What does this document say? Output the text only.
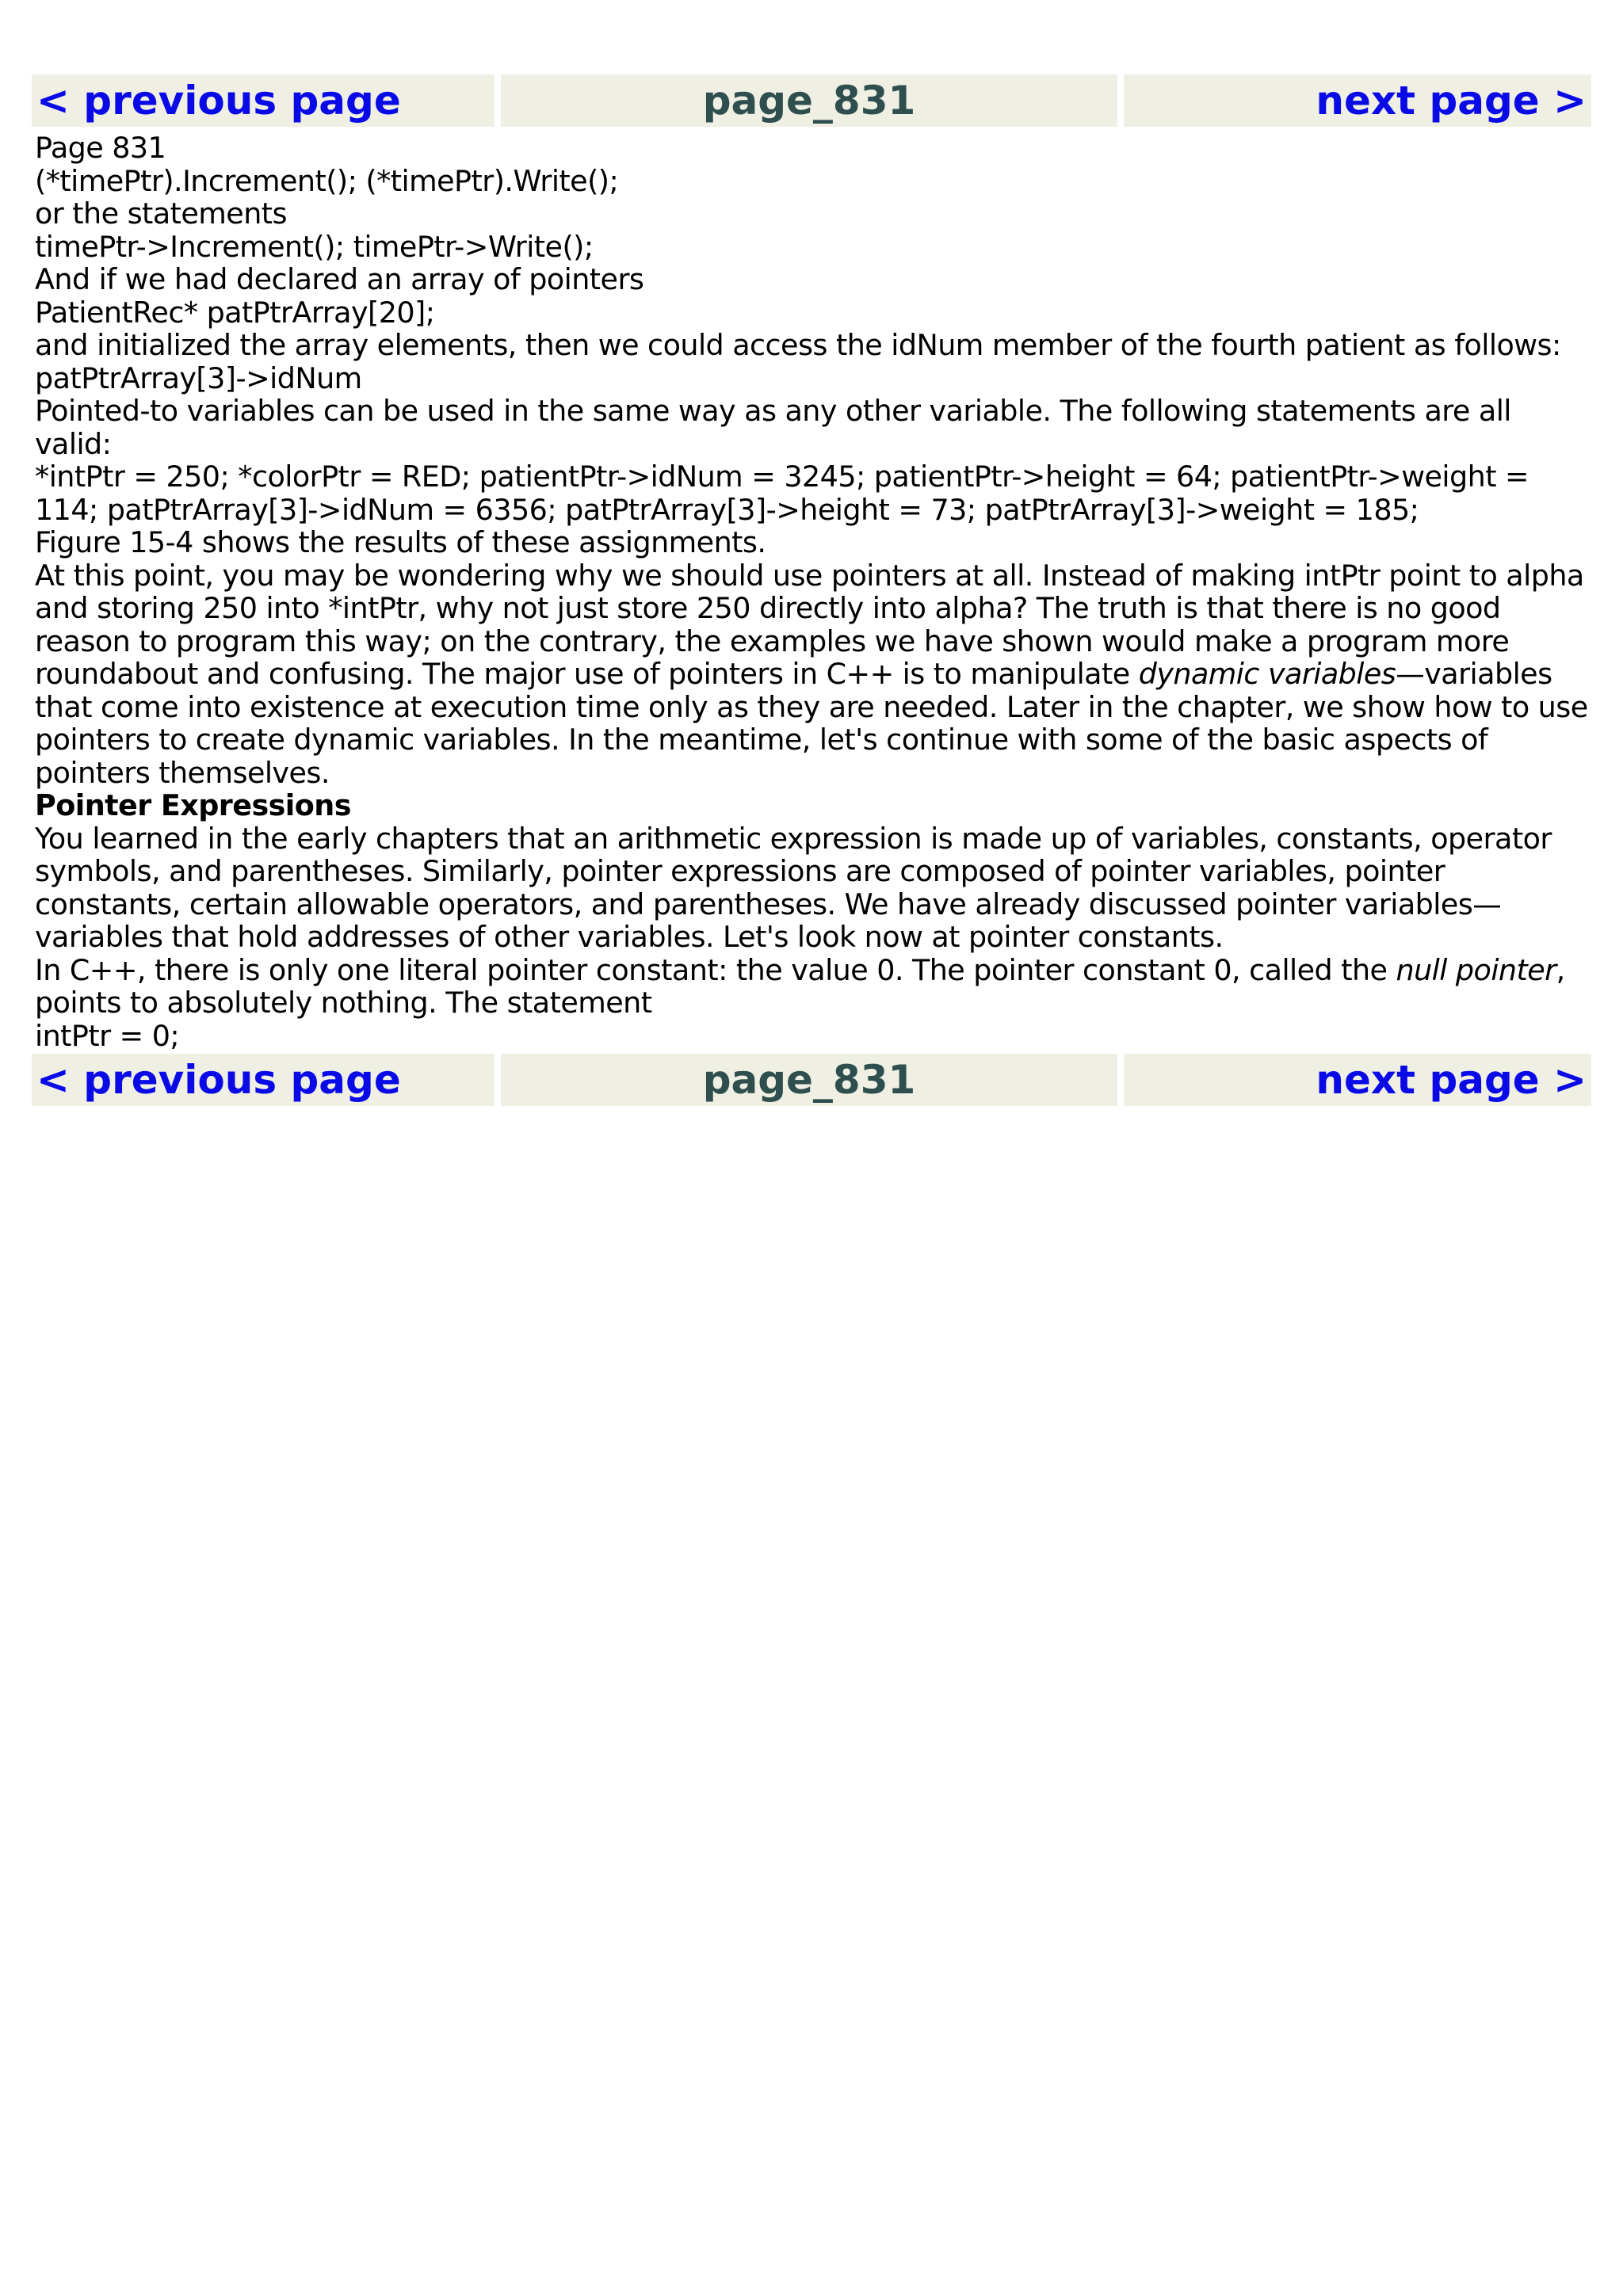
< previous page	page_831	next page >

Page 831

(*timePtr).Increment(); (*timePtr).Write();

or the statements

timePtr->Increment(); timePtr->Write();

And if we had declared an array of pointers

PatientRec* patPtrArray[20];

and initialized the array elements, then we could access the idNum member of the fourth patient as follows:

patPtrArray[3]->idNum

Pointed-to variables can be used in the same way as any other variable. The following statements are all valid:

*intPtr = 250; *colorPtr = RED; patientPtr->idNum = 3245; patientPtr->height = 64; patientPtr->weight = 114; patPtrArray[3]->idNum = 6356; patPtrArray[3]->height = 73; patPtrArray[3]->weight = 185;

Figure 15-4 shows the results of these assignments.

At this point, you may be wondering why we should use pointers at all. Instead of making intPtr point to alpha and storing 250 into *intPtr, why not just store 250 directly into alpha? The truth is that there is no good reason to program this way; on the contrary, the examples we have shown would make a program more roundabout and confusing. The major use of pointers in C++ is to manipulate dynamic variables—variables that come into existence at execution time only as they are needed. Later in the chapter, we show how to use pointers to create dynamic variables. In the meantime, let's continue with some of the basic aspects of pointers themselves.

Pointer Expressions

You learned in the early chapters that an arithmetic expression is made up of variables, constants, operator symbols, and parentheses. Similarly, pointer expressions are composed of pointer variables, pointer constants, certain allowable operators, and parentheses. We have already discussed pointer variables—variables that hold addresses of other variables. Let's look now at pointer constants.

In C++, there is only one literal pointer constant: the value 0. The pointer constant 0, called the null pointer, points to absolutely nothing. The statement

intPtr = 0;

< previous page	page_831	next page >
